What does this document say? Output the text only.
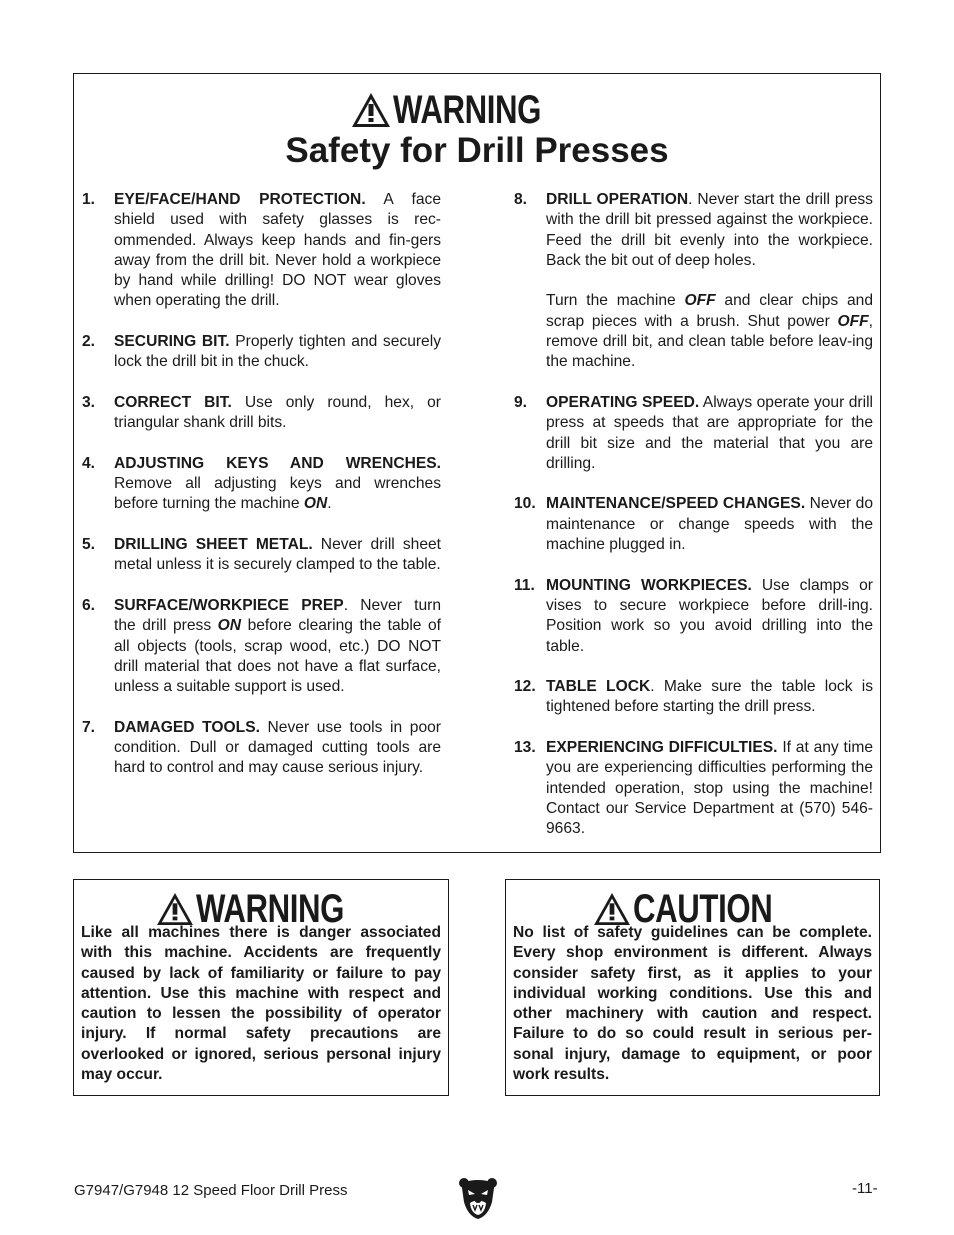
WARNING
Safety for Drill Presses
1.	EYE/FACE/HAND PROTECTION. A face shield used with safety glasses is rec-ommended. Always keep hands and fin-gers away from the drill bit. Never hold a workpiece by hand while drilling! DO NOT wear gloves when operating the drill.
2.	SECURING BIT. Properly tighten and securely lock the drill bit in the chuck.
3.	CORRECT BIT. Use only round, hex, or triangular shank drill bits.
4.	ADJUSTING KEYS AND WRENCHES. Remove all adjusting keys and wrenches before turning the machine ON.
5.	DRILLING SHEET METAL. Never drill sheet metal unless it is securely clamped to the table.
6.	SURFACE/WORKPIECE PREP. Never turn the drill press ON before clearing the table of all objects (tools, scrap wood, etc.) DO NOT drill material that does not have a flat surface, unless a suitable support is used.
7.	DAMAGED TOOLS. Never use tools in poor condition. Dull or damaged cutting tools are hard to control and may cause serious injury.
8.	DRILL OPERATION. Never start the drill press with the drill bit pressed against the workpiece. Feed the drill bit evenly into the workpiece. Back the bit out of deep holes.
Turn the machine OFF and clear chips and scrap pieces with a brush. Shut power OFF, remove drill bit, and clean table before leav-ing the machine.
9.	OPERATING SPEED. Always operate your drill press at speeds that are appropriate for the drill bit size and the material that you are drilling.
10. MAINTENANCE/SPEED CHANGES. Never do maintenance or change speeds with the machine plugged in.
11. MOUNTING WORKPIECES. Use clamps or vises to secure workpiece before drill-ing. Position work so you avoid drilling into the table.
12. TABLE LOCK. Make sure the table lock is tightened before starting the drill press.
13. EXPERIENCING DIFFICULTIES. If at any time you are experiencing difficulties performing the intended operation, stop using the machine! Contact our Service Department at (570) 546-9663.
WARNING
Like all machines there is danger associated with this machine. Accidents are frequently caused by lack of familiarity or failure to pay attention. Use this machine with respect and caution to lessen the possibility of operator injury. If normal safety precautions are overlooked or ignored, serious personal injury may occur.
CAUTION
No list of safety guidelines can be complete. Every shop environment is different. Always consider safety first, as it applies to your individual working conditions. Use this and other machinery with caution and respect. Failure to do so could result in serious per-sonal injury, damage to equipment, or poor work results.
G7947/G7948 12 Speed Floor Drill Press	-11-
